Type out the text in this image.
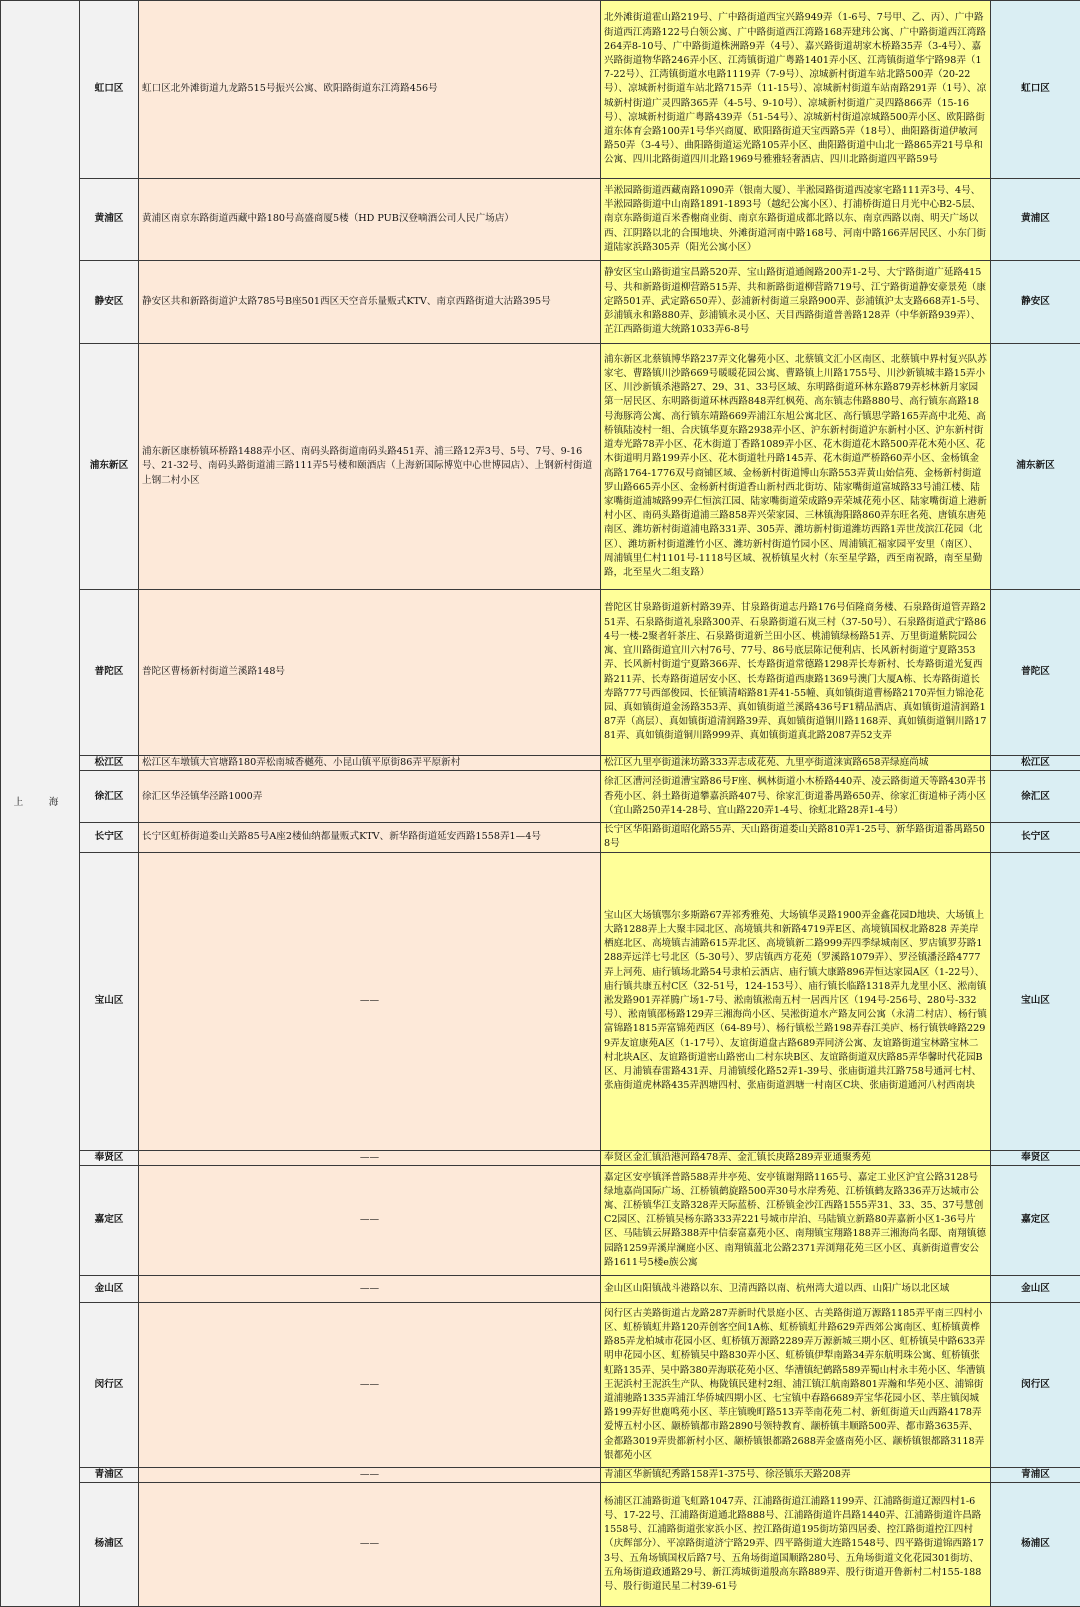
上　海	虹口区	虹口区北外滩街道九龙路515号振兴公寓、欧阳路街道东江湾路456号	北外滩街道霍山路219号、广中路街道西宝兴路949弄（1-6号、7号甲、乙、丙）、广中路街道西江湾路122号白领公寓、广中路街道西江湾路168弄建玮公寓、广中路街道西江湾路264弄8-10号、广中路街道株洲路9弄（4号）、嘉兴路街道胡家木桥路35弄（3-4号）、嘉兴路街道物华路246弄小区、江湾镇街道广粤路1401弄小区、江湾镇街道华宁路98弄（17-22号）、江湾镇街道水电路1119弄（7-9号）、凉城新村街道车站北路500弄（20-22号）、凉城新村街道车站北路715弄（11-15号）、凉城新村街道车站南路291弄（1号）、凉城新村街道广灵四路365弄（4-5号、9-10号）、凉城新村街道广灵四路866弄（15-16号）、凉城新村街道广粤路439弄（51-54号）、凉城新村街道凉城路500弄小区、欧阳路街道东体育会路100弄1号华兴商厦、欧阳路街道天宝西路5弄（18号）、曲阳路街道伊敏河路50弄（3-4号）、曲阳路街道运光路105弄小区、曲阳路街道中山北一路865弄21号阜和公寓、四川北路街道四川北路1969号雅雅轻奢酒店、四川北路街道四平路59号	虹口区
	黄浦区	黄浦区南京东路街道西藏中路180号高盛商厦5楼（HD PUB汉登嘀酒公司人民广场店）	半淞园路街道西藏南路1090弄（银南大厦）、半淞园路街道西凌家宅路111弄3号、4号、半淞园路街道中山南路1891-1893号（越纪公寓小区）、打浦桥街道日月光中心B2-5层、南京东路街道百米香榭商业街、南京东路街道成都北路以东、南京西路以南、明天广场以西、江阴路以北的合围地块、外滩街道河南中路168号、河南中路166弄居民区、小东门街道陆家浜路305弄（阳光公寓小区）	黄浦区
	静安区	静安区共和新路街道沪太路785号B座501西区天空音乐量贩式KTV、南京西路街道大沽路395号	静安区宝山路街道宝昌路520弄、宝山路街道通阁路200弄1-2号、大宁路街道广延路415号、共和新路街道柳营路515弄、共和新路街道柳营路719号、江宁路街道静安豪景苑（康定路501弄、武定路650弄）、彭浦新村街道三泉路900弄、彭浦镇沪太支路668弄1-5号、彭浦镇永和路880弄、彭浦镇永灵小区、天目西路街道普善路128弄（中华新路939弄）、芷江西路街道大统路1033弄6-8号	静安区
	浦东新区	浦东新区康桥镇环桥路1488弄小区、南码头路街道南码头路451弄、浦三路12弄3号、5号、7号、9-16号、21-32号、南码头路街道浦三路111弄5号楼和颐酒店（上海新国际博览中心世博园店）、上钢新村街道上钢二村小区	浦东新区北蔡镇博华路237弄文化馨苑小区、北蔡镇文汇小区南区、北蔡镇中界村复兴队苏家宅、曹路镇川沙路669号暖暖花园公寓、曹路镇上川路1755号、川沙新镇城丰路15弄小区、川沙新镇杀港路27、29、31、33号区域、东明路街道环林东路879弄杉林新月家园第一居民区、东明路街道环林西路848弄红枫苑、高东镇志伟路880号、高行镇东高路18号海豚湾公寓、高行镇东靖路669弄浦江东旭公寓北区、高行镇思学路165弄高中北苑、高桥镇陆凌村一组、合庆镇华夏东路2938弄小区、沪东新村街道沪东新村小区、沪东新村街道寿光路78弄小区、花木街道丁香路1089弄小区、花木街道花木路500弄花木苑小区、花木街道明月路199弄小区、花木街道牡丹路145弄、花木街道严桥路60弄小区、金杨镇金高路1764-1776双号商铺区域、金杨新村街道博山东路553弄黄山始信苑、金杨新村街道罗山路665弄小区、金杨新村街道香山新村西北街坊、陆家嘴街道富城路33号浦江楼、陆家嘴街道浦城路99弄仁恒滨江园、陆家嘴街道荣成路9弄荣城花苑小区、陆家嘴街道上港新村小区、南码头路街道浦三路858弄兴荣家园、三林镇海阳路860弄东旺名苑、唐镇东唐苑南区、潍坊新村街道浦电路331弄、305弄、潍坊新村街道潍坊西路1弄世茂滨江花园（北区）、潍坊新村街道潍竹小区、潍坊新村街道竹园小区、周浦镇汇福家园平安里（南区）、周浦镇里仁村1101号-1118号区域、祝桥镇星火村（东至星学路，西至南祝路，南至星勤路，北至星火二组支路）	浦东新区
	普陀区	普陀区曹杨新村街道兰溪路148号	普陀区甘泉路街道新村路39弄、甘泉路街道志丹路176号佰隆商务楼、石泉路街道管弄路251弄、石泉路街道礼泉路300弄、石泉路街道石岚三村（37-50号）、石泉路街道武宁路864号一楼-2聚者轩茶庄、石泉路街道新兰田小区、桃浦镇绿杨路51弄、万里街道紫院园公寓、宜川路街道宜川六村76号、77号、86号底层陈记便利店、长风新村街道宁夏路353弄、长风新村街道宁夏路366弄、长寿路街道常德路1298弄长寿新村、长寿路街道光复西路211弄、长寿路街道居安小区、长寿路街道西康路1369号澳门大厦A栋、长寿路街道长寿路777号西部俊园、长征镇清峪路81弄41-55幢、真如镇街道曹杨路2170弄恒力锦沧花园、真如镇街道金汤路353弄、真如镇街道兰溪路436号F1精品酒店、真如镇街道清润路187弄（高层）、真如镇街道清润路39弄、真如镇街道铜川路1168弄、真如镇街道铜川路1781弄、真如镇街道铜川路999弄、真如镇街道真北路2087弄52支弄	普陀区
	松江区	松江区车墩镇大官塘路180弄松南城香樾苑、小昆山镇平原街86弄平原新村	松江区九里亭街道涞坊路333弄志成花苑、九里亭街道涞寅路658弄绿庭尚城	松江区
	徐汇区	徐汇区华泾镇华泾路1000弄	徐汇区漕河泾街道漕宝路86号F座、枫林街道小木桥路440弄、凌云路街道天等路430弄书香苑小区、斜土路街道攀嘉浜路407号、徐家汇街道番禺路650弄、徐家汇街道柿子湾小区（宜山路250弄14-28号、宜山路220弄1-4号、徐虹北路28弄1-4号）	徐汇区
	长宁区	长宁区虹桥街道娄山关路85号A座2楼仙纳都量贩式KTV、新华路街道延安西路1558弄1—4号	长宁区华阳路街道昭化路55弄、天山路街道娄山关路810弄1-25号、新华路街道番禺路508号	长宁区
	宝山区	——	宝山区大场镇鄂尔多斯路67弄祁秀雅苑、大场镇华灵路1900弄金鑫花园D地块、大场镇上大路1288弄上大聚丰园北区、高境镇共和新路4719弄E区、高境镇国权北路828 弄美岸栖庭北区、高境镇吉浦路615弄北区、高境镇新二路999弄四季绿城南区、罗店镇罗芬路1288弄远洋七号北区（5-30号）、罗店镇西方花苑（罗溪路1079弄）、罗泾镇潘泾路4777弄上河苑、庙行镇场北路54号隶柏云酒店、庙行镇大康路896弄恒达家园A区（1-22号）、庙行镇共康五村C区（32-51号，124-153号）、庙行镇长临路1318弄九龙里小区、淞南镇淞发路901弄祥腾广场1-7号、淞南镇淞南五村一居西片区（194号-256号、280号-332号）、淞南镇邵杨路129弄三湘海尚小区、吴淞街道水产路友同公寓（永清二村店）、杨行镇富锦路1815弄富锦苑西区（64-89号）、杨行镇松兰路198弄春江美庐、杨行镇铁峰路2299弄友谊康苑A区（1-17号）、友谊街道盘古路689弄同济公寓、友谊路街道宝林路宝林二村北块A区、友谊路街道密山路密山二村东块B区、友谊路街道双庆路85弄华馨时代花园B区、月浦镇春雷路431弄、月浦镇绥化路52弄1-39号、张庙街道共江路758号通河七村、张庙街道虎林路435弄泗塘四村、张庙街道泗塘一村南区C块、张庙街道通河八村西南块	宝山区
	奉贤区	——	奉贤区金汇镇沿港河路478弄、金汇镇长庚路289弄亚通聚秀苑	奉贤区
	嘉定区	——	嘉定区安亭镇泽普路588弄井亭苑、安亭镇谢翔路1165号、嘉定工业区沪宜公路3128号绿地嘉尚国际广场、江桥镇鹤旋路500弄30号水岸秀苑、江桥镇鹤友路336弄万达城市公寓、江桥镇华江支路328弄天际蓝桥、江桥镇金沙江西路1555弄31、33、35、37号慧创C2园区、江桥镇吴杨东路333弄221号城市岸泊、马陆镇立新路80弄嘉新小区1-36号片区、马陆镇云屏路388弄中信泰富嘉苑小区、南翔镇宝翔路188弄三湘海尚名邸、南翔镇德园路1259弄溪岸澜庭小区、南翔镇蕰北公路2371弄浏翔花苑三区小区、真新街道曹安公路1611号5楼e族公寓	嘉定区
	金山区	——	金山区山阳镇战斗港路以东、卫清西路以南、杭州湾大道以西、山阳广场以北区域	金山区
	闵行区	——	闵行区古美路街道古龙路287弄新时代景庭小区、古美路街道万源路1185弄平南三四村小区、虹桥镇虹井路120弄创客空间1A栋、虹桥镇虹井路629弄西郊公寓南区、虹桥镇黄桦路85弄龙柏城市花园小区、虹桥镇万源路2289弄万源新城三期小区、虹桥镇吴中路633弄明申花园小区、虹桥镇吴中路830弄小区、虹桥镇伊犁南路34弄东航明珠公寓、虹桥镇张虹路135弄、吴中路380弄海联花苑小区、华漕镇纪鹤路589弄蜀山村永丰苑小区、华漕镇王泥浜村王泥浜生产队、梅陇镇民建村2组、浦江镇江航南路801弄瀚和华苑小区、浦锦街道浦驰路1335弄浦江华侨城四期小区、七宝镇中春路6689弄宝华花园小区、莘庄镇闵城路199弄好世鹿鸣苑小区、莘庄镇晚町路513弄莘南花苑二村、新虹街道天山西路4178弄爱博五村小区、颛桥镇都市路2890号领特教育、颛桥镇丰顺路500弄、都市路3635弄、金都路3019弄贵都新村小区、颛桥镇银都路2688弄金盛南苑小区、颛桥镇银都路3118弄银都苑小区	闵行区
	青浦区	——	青浦区华新镇纪秀路158弄1-375号、徐泾镇乐天路208弄	青浦区
	杨浦区	——	杨浦区江浦路街道飞虹路1047弄、江浦路街道江浦路1199弄、江浦路街道辽源四村1-6号、17-22号、江浦路街道通北路888号、江浦路街道许昌路1440弄、江浦路街道许昌路1558号、江浦路街道张家浜小区、控江路街道195街坊第四居委、控江路街道控江四村（庆辉部分）、平凉路街道济宁路29弄、四平路街道大连路1548号、四平路街道锦西路173号、五角场镇国权后路7号、五角场街道国顺路280号、五角场街道文化花园301街坊、五角场街道政通路29号、新江湾城街道殷高东路889弄、殷行街道开鲁新村二村155-188号、殷行街道民星二村39-61号	杨浦区
